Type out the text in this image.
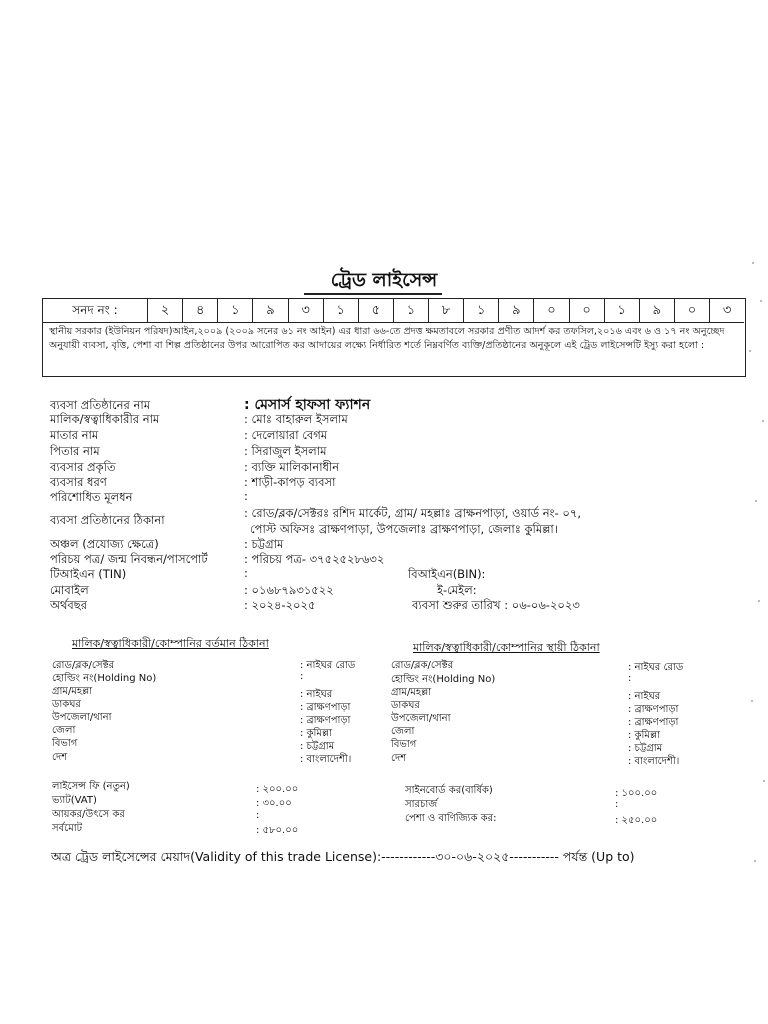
ট্রেড লাইসেন্স
সনদ নং :	২	৪	১	৯	৩	১	৫	১	৮	১	৯	০	০	১	৯	০	৩
স্থানীয় সরকার (ইউনিয়ন পরিষদ)আইন,২০০৯ (২০০৯ সনের ৬১ নং আইন) এর ধারা ৬৬-তে প্রদত্ত ক্ষমতাবলে সরকার প্রণীত আদর্শ কর তফসিল,২০১৬ এবং ৬ ও ১৭ নং অনুচ্ছেদ অনুযায়ী ব্যবসা, বৃত্তি, পেশা বা শিল্প প্রতিষ্ঠানের উপর আরোপিত কর আদায়ের লক্ষ্যে নির্ধারিত শর্তে নিম্নবর্ণিত ব্যক্তি/প্রতিষ্ঠানের অনুকূলে এই ট্রেড লাইসেন্সটি ইস্যু করা হলো :
ব্যবসা প্রতিষ্ঠানের নাম	: মেসার্স হাফসা ফ্যাশন
মালিক/স্বত্বাধিকারীর নাম	: মোঃ বাহারুল ইসলাম
মাতার নাম	: দেলোয়ারা বেগম
পিতার নাম	: সিরাজুল ইসলাম
ব্যবসার প্রকৃতি	: ব্যক্তি মালিকানাধীন
ব্যবসার ধরণ	: শাড়ী-কাপড় ব্যবসা
পরিশোধিত মূলধন	:
ব্যবসা প্রতিষ্ঠানের ঠিকানা	: রোড/ব্লক/সেক্টরঃ রশিদ মার্কেট, গ্রাম/ মহল্লাঃ ব্রাক্ষনপাড়া, ওয়ার্ড নং- ০৭,
পোস্ট অফিসঃ ব্রাক্ষণপাড়া, উপজেলাঃ ব্রাক্ষণপাড়া, জেলাঃ কুমিল্লা।
অঞ্চল (প্রযোজ্য ক্ষেত্রে)	: চট্টগ্রাম
পরিচয় পত্র/ জন্ম নিবন্ধন/পাসপোর্ট	: পরিচয় পত্র- ৩৭৫২৫২৮৬৩২
টিআইএন (TIN)	:	বিআইএন(BIN):
মোবাইল	: ০১৬৮৭৯৩১৫২২	ই-মেইল:
অর্থবছর	: ২০২৪-২০২৫	ব্যবসা শুরুর তারিখ : ০৬-০৬-২০২৩
মালিক/স্বত্বাধিকারী/কোম্পানির বর্তমান ঠিকানা	মালিক/স্বত্বাধিকারী/কোম্পানির স্থায়ী ঠিকানা
রোড/ব্লক/সেক্টর	: নাইঘর রোড
হোল্ডিং নং(Holding No)	:
গ্রাম/মহল্লা	: নাইঘর
ডাকঘর	: ব্রাক্ষণপাড়া
উপজেলা/থানা	: ব্রাক্ষণপাড়া
জেলা	: কুমিল্লা
বিভাগ	: চট্টগ্রাম
দেশ	: বাংলাদেশী।
রোড/ব্লক/সেক্টর	: নাইঘর রোড
হোল্ডিং নং(Holding No)	:
গ্রাম/মহল্লা	: নাইঘর
ডাকঘর	: ব্রাক্ষণপাড়া
উপজেলা/থানা	: ব্রাক্ষণপাড়া
জেলা	: কুমিল্লা
বিভাগ	: চট্টগ্রাম
দেশ	: বাংলাদেশী।
লাইসেন্স ফি (নতুন)	: ২০০.০০
ভ্যাট(VAT)	: ৩০.০০
আয়কর/উৎসে কর	:
সর্বমোট	: ৫৮০.০০
সাইনবোর্ড কর(বার্ষিক)	: ১০০.০০
সারচার্জ	:
পেশা ও বাণিজ্যিক কর:	: ২৫০.০০
অত্র ট্রেড লাইসেন্সের মেয়াদ(Validity of this trade License):------------৩০-০৬-২০২৫----------- পর্যন্ত (Up to)
